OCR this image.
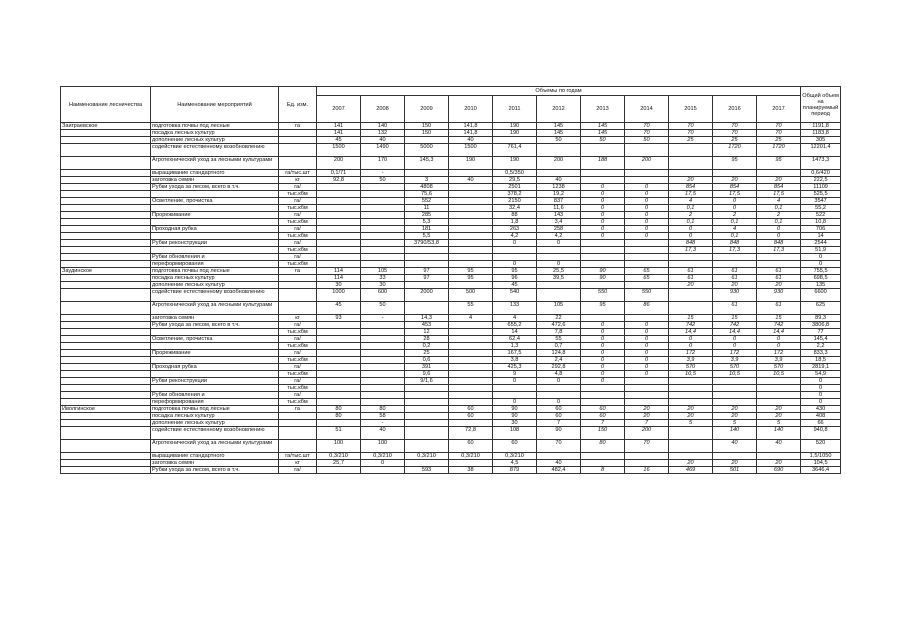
Наименование лесничества	Наименование мероприятий	Ед. изм.	Объемы по годам											Общий объем на планируемый период
			2007	2008	2009	2010	2011	2012	2013	2014	2015	2016	2017	
Заиграевское	подготовка почвы под лесные	га	141	140	150	141,8	190	145	145	70	70	70	70	1191,8
	посадка лесных культур		141	132	150	141,8	190	145	145	70	70	70	70	1183,8
	дополнение лесных культур		45	40		40		50	50	50	25	25	25	305
	содействие естественному возобновлению		1500	1490	5000	1500	761,4					1720	1720	12201,4
	Агротехнический уход за лесными культурами		200	170	145,3	190	190	200	188	200		95	95	1473,3
	выращивание стандартного	га/тыс.шт	0,1/71	-			0,5/350							0,6/420
	заготовка семян	кг	92,8	50	3	40	29,5	40			20	20	20	222,5
	Рубки ухода за лесом, всего в т.ч.	га/			4808		2501	1238	0	0	854	854	854	11109
		тыс.кбм			75,6		378,2	19,2	0	0	17,5	17,5	17,5	525,5
	Осветление, прочистка	га/			552		2150	837	0	0	4	0	4	3547
		тыс.кбм			11		32,4	11,6	0	0	0,1	0	0,1	55,2
	Прореживание	га/			285		88	143	0	0	2	2	2	522
		тыс.кбм			5,3		1,8	3,4	0	0	0,1	0,1	0,1	10,8
	Проходная рубка	га/			181		263	258	0	0	0	4	0	706
		тыс.кбм			5,5		4,2	4,2	0	0	0	0,1	0	14
	Рубки реконструкции	га/			3790/53,8		0	0			848	848	848	2544
		тыс.кбм									17,3	17,3	17,3	51,9
	Рубки обновления и	га/												0
	переформирования	тыс.кбм					0	0						0
Заудинское	подготовка почвы под лесные	га	114	105	97	95	95	25,5	90	65	61	61	61	755,5
	посадка лесных культур		114	33	97	95	96	39,5	90	65	61	61	61	698,5
	дополнение лесных культур		30	30			45				20	20	20	135
	содействие естественному возобновлению		1000	600	2000	500	540		550	550		930	930	6600
	Агротехнический уход за лесными культурами		45	50		55	133	105	95	86		61	61	625
	заготовка семян	кг	93	-	14,3	4	4	22			15	15	15	89,3
	Рубки ухода за лесом, всего в т.ч.	га/			453		655,2	472,6	0	0	742	742	742	3806,8
		тыс.кбм			12		14	7,8	0	0	14,4	14,4	14,4	77
	Осветление, прочистка	га/			28		62,4	55	0	0	0	0	0	145,4
		тыс.кбм			0,2		1,3	0,7	0	0	0	0	0	2,2
	Прореживание	га/			25		167,5	124,8	0	0	172	172	172	833,3
		тыс.кбм			0,6		3,8	2,4	0	0	3,9	3,9	3,9	18,5
	Проходная рубка	га/			391		425,3	292,8	0	0	570	570	570	2819,1
		тыс.кбм			9,6		9	4,8	0	0	10,5	10,5	10,5	54,9
	Рубки реконструкции	га/			9/1,6		0	0	0					0
		тыс.кбм												0
	Рубки обновления и	га/												0
	переформирования	тыс.кбм					0	0						0
Иволгинское	подготовка почвы под лесные	га	80	80		60	90	60	60	20	20	20	20	430
	посадка лесных культур		80	58		60	90	60	60	20	20	20	20	408
	дополнение лесных культур			-			30	7	7	7	5	5	5	66
	содействие естественному возобновлению		51	40		72,8	108	90	150	200		140	140	940,8
	Агротехнический уход за лесными культурами		100	100		60	60	70	80	70		40	40	520
	выращивание стандартного	га/тыс.шт	0,3/210	0,3/210	0,3/210	0,3/210	0,3/210							1,5/1050
	заготовка семян	кг	25,7	0			4,5	40			20	20	20	104,5
	Рубки ухода за лесом, всего в т.ч.	га/			593	38	879	482,4	8	16	469	501	690	3646,4
